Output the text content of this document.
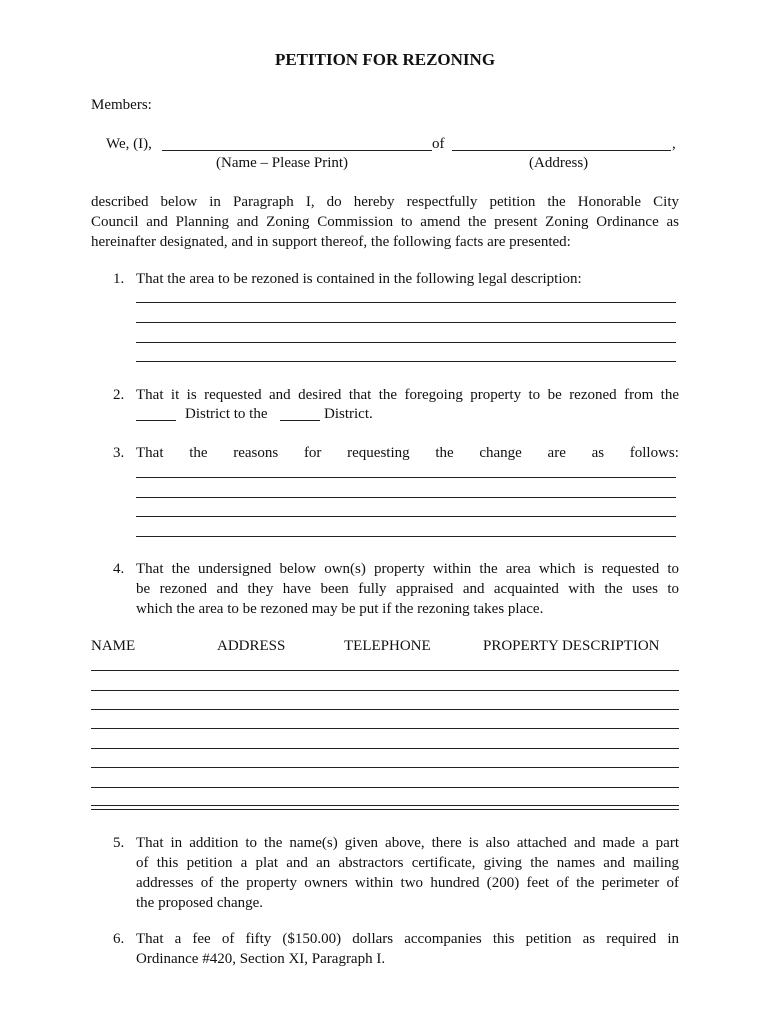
PETITION FOR REZONING
Members:
We, (I),	of	,
(Name – Please Print)	(Address)
described below in Paragraph I, do hereby respectfully petition the Honorable City
Council and Planning and Zoning Commission to amend the present Zoning Ordinance as
hereinafter designated, and in support thereof, the following facts are presented:
1. That the area to be rezoned is contained in the following legal description:
2. That it is requested and desired that the foregoing property to be rezoned from the
District to the	District.
3. That the reasons for requesting the change are as follows:
4. That the undersigned below own(s) property within the area which is requested to
be rezoned and they have been fully appraised and acquainted with the uses to
which the area to be rezoned may be put if the rezoning takes place.
NAME	ADDRESS	TELEPHONE	PROPERTY DESCRIPTION
5. That in addition to the name(s) given above, there is also attached and made a part
of this petition a plat and an abstractors certificate, giving the names and mailing
addresses of the property owners within two hundred (200) feet of the perimeter of
the proposed change.
6. That a fee of fifty ($150.00) dollars accompanies this petition as required in
Ordinance #420, Section XI, Paragraph I.
